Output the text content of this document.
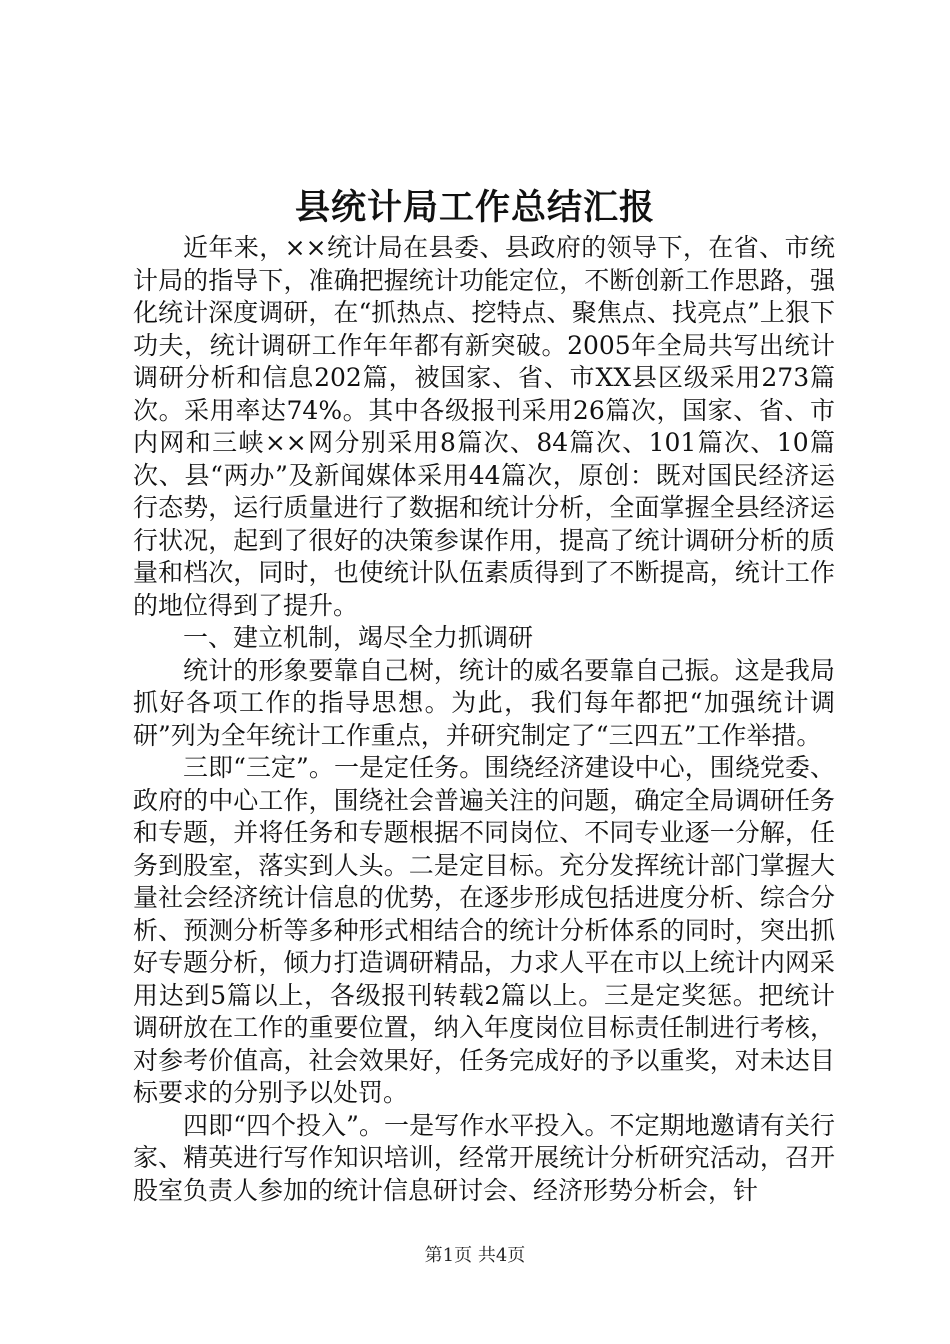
县统计局工作总结汇报

近年来，××统计局在县委、县政府的领导下，在省、市统计局的指导下，准确把握统计功能定位，不断创新工作思路，强化统计深度调研，在“抓热点、挖特点、聚焦点、找亮点”上狠下功夫，统计调研工作年年都有新突破。2005年全局共写出统计调研分析和信息202篇，被国家、省、市XX县区级采用273篇次。采用率达74%。其中各级报刊采用26篇次，国家、省、市内网和三峡××网分别采用8篇次、84篇次、101篇次、10篇次、县“两办”及新闻媒体采用44篇次，原创：既对国民经济运行态势，运行质量进行了数据和统计分析，全面掌握全县经济运行状况，起到了很好的决策参谋作用，提高了统计调研分析的质量和档次，同时，也使统计队伍素质得到了不断提高，统计工作的地位得到了提升。

一、建立机制，竭尽全力抓调研

统计的形象要靠自己树，统计的威名要靠自己振。这是我局抓好各项工作的指导思想。为此，我们每年都把“加强统计调研”列为全年统计工作重点，并研究制定了“三四五”工作举措。

三即“三定”。一是定任务。围绕经济建设中心，围绕党委、政府的中心工作，围绕社会普遍关注的问题，确定全局调研任务和专题，并将任务和专题根据不同岗位、不同专业逐一分解，任务到股室，落实到人头。二是定目标。充分发挥统计部门掌握大量社会经济统计信息的优势，在逐步形成包括进度分析、综合分析、预测分析等多种形式相结合的统计分析体系的同时，突出抓好专题分析，倾力打造调研精品，力求人平在市以上统计内网采用达到5篇以上，各级报刊转载2篇以上。三是定奖惩。把统计调研放在工作的重要位置，纳入年度岗位目标责任制进行考核，对参考价值高，社会效果好，任务完成好的予以重奖，对未达目标要求的分别予以处罚。

四即“四个投入”。一是写作水平投入。不定期地邀请有关行家、精英进行写作知识培训，经常开展统计分析研究活动，召开股室负责人参加的统计信息研讨会、经济形势分析会，针

第1页 共4页
